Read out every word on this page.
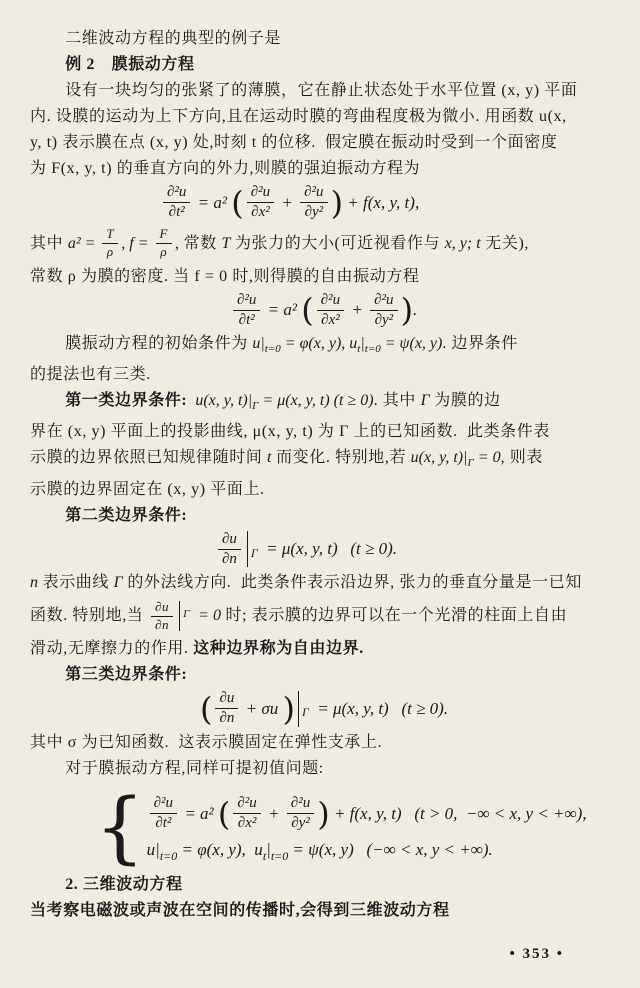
二维波动方程的典型的例子是
例 2　膜振动方程
设有一块均匀的张紧了的薄膜，它在静止状态处于水平位置 (x, y) 平面
内. 设膜的运动为上下方向,且在运动时膜的弯曲程度极为微小. 用函数 u(x,
y, t) 表示膜在点 (x, y) 处,时刻 t 的位移.  假定膜在振动时受到一个面密度
为 F(x, y, t) 的垂直方向的外力,则膜的强迫振动方程为
$\frac{\text{∂²u}}{\text{∂t²}} = a^2$ ( $\frac{\text{∂²u}}{\text{∂x²}} + \frac{\text{∂²u}}{\text{∂y²}}$ ) + f(x, y, t),
其中 $a^2 = \frac{T}{\rho}$ , $f = \frac{F}{\rho}$ , 常数 T 为张力的大小(可近视看作与 x, y; t 无关),
常数 ρ 为膜的密度. 当 f = 0 时,则得膜的自由振动方程
$\frac{\text{∂²u}}{\text{∂t²}} = a^2$ ( $\frac{\text{∂²u}}{\text{∂x²}} + \frac{\text{∂²u}}{\text{∂y²}}$ ) .
膜振动方程的初始条件为 $u|_{t=0} = \varphi(x$, y), $u_t|_{t=0} = \psi(x$, y). 边界条件
的提法也有三类.
第一类边界条件:  u(x, y, $t)|_\Gamma = \mu(x$, y, t) (t ≥ 0). 其中 Γ 为膜的边
界在 (x, y) 平面上的投影曲线, μ(x, y, t) 为 Γ 上的已知函数.  此类条件表
示膜的边界依照已知规律随时间 t 而变化. 特别地,若 u(x, y, $t)|_\Gamma = 0$, 则表
示膜的边界固定在 (x, y) 平面上.
第二类边界条件:
$\frac{\partial u}{\partial n} _\Gamma = \mu(x$, y, t)   (t ≥ 0).
n 表示曲线 Γ 的外法线方向.  此类条件表示沿边界, 张力的垂直分量是一已知
函数. 特别地,当 $\frac{\partial u}{\partial n}$ Γ = 0 时; 表示膜的边界可以在一个光滑的柱面上自由
滑动,无摩擦力的作用. 这种边界称为自由边界.
第三类边界条件:
( $\frac{\partial u}{\partial n} + \sigma u$ ) $_\Gamma$ = μ(x, y, t)   (t ≥ 0).
其中 σ 为已知函数.  这表示膜固定在弹性支承上.
对于膜振动方程,同样可提初值问题:
{ $\frac{\text{∂²u}}{\text{∂t²}} = a^2$ ( $\frac{\text{∂²u}}{\text{∂x²}} + \frac{\text{∂²u}}{\text{∂y²}}$ ) + f(x, y, t)   (t > 0,  −∞ < x, y < +∞),
$u|_{t=0} = \varphi(x$, y),  $u_t$ $|_{t=0} = \psi(x$, y)   (−∞ < x, y < +∞).
2. 三维波动方程
当考察电磁波或声波在空间的传播时,会得到三维波动方程
• 353 •
